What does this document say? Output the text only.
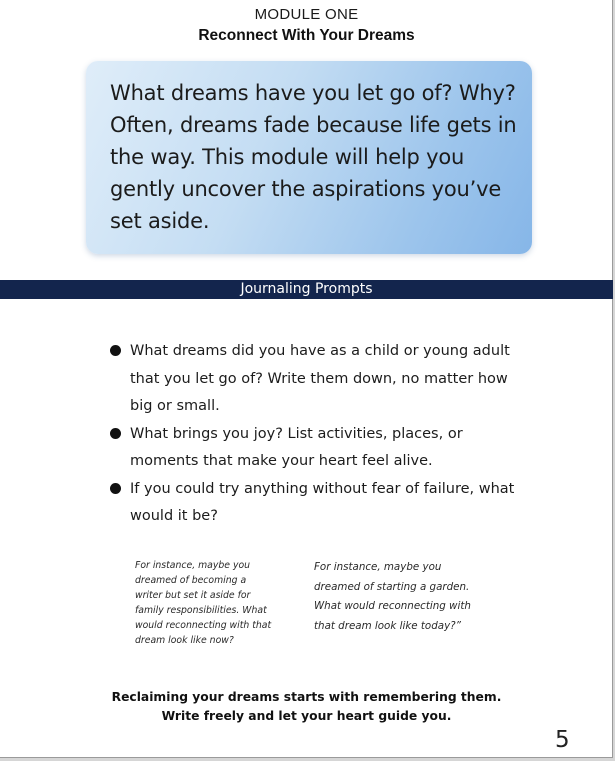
MODULE ONE
Reconnect With Your Dreams

What dreams have you let go of? Why? Often, dreams fade because life gets in the way. This module will help you gently uncover the aspirations you’ve set aside.

Journaling Prompts
What dreams did you have as a child or young adult that you let go of? Write them down, no matter how big or small.
What brings you joy? List activities, places, or moments that make your heart feel alive.
If you could try anything without fear of failure, what would it be?

For instance, maybe you dreamed of becoming a writer but set it aside for family responsibilities. What would reconnecting with that dream look like now?

For instance, maybe you dreamed of starting a garden. What would reconnecting with that dream look like today?”

Reclaiming your dreams starts with remembering them.
Write freely and let your heart guide you.
5
